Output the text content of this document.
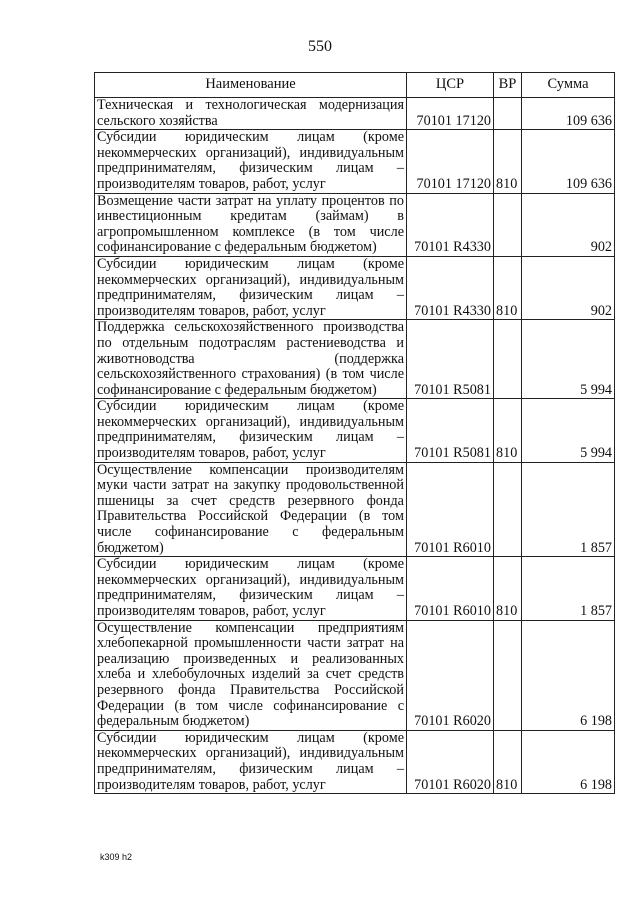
550
Наименование	ЦСР	ВР	Сумма
Техническая и технологическая модернизация сельского хозяйства	70101 17120		109 636
Субсидии юридическим лицам (кроме некоммерческих организаций), индивидуальным предпринимателям, физическим лицам – производителям товаров, работ, услуг	70101 17120	810	109 636
Возмещение части затрат на уплату процентов по инвестиционным кредитам (займам) в агропромышленном комплексе (в том числе софинансирование с федеральным бюджетом)	70101 R4330		902
Субсидии юридическим лицам (кроме некоммерческих организаций), индивидуальным предпринимателям, физическим лицам – производителям товаров, работ, услуг	70101 R4330	810	902
Поддержка сельскохозяйственного производства по отдельным подотраслям растениеводства и животноводства (поддержка сельскохозяйственного страхования) (в том числе софинансирование с федеральным бюджетом)	70101 R5081		5 994
Субсидии юридическим лицам (кроме некоммерческих организаций), индивидуальным предпринимателям, физическим лицам – производителям товаров, работ, услуг	70101 R5081	810	5 994
Осуществление компенсации производителям муки части затрат на закупку продовольственной пшеницы за счет средств резервного фонда Правительства Российской Федерации (в том числе софинансирование с федеральным бюджетом)	70101 R6010		1 857
Субсидии юридическим лицам (кроме некоммерческих организаций), индивидуальным предпринимателям, физическим лицам – производителям товаров, работ, услуг	70101 R6010	810	1 857
Осуществление компенсации предприятиям хлебопекарной промышленности части затрат на реализацию произведенных и реализованных хлеба и хлебобулочных изделий за счет средств резервного фонда Правительства Российской Федерации (в том числе софинансирование с федеральным бюджетом)	70101 R6020		6 198
Субсидии юридическим лицам (кроме некоммерческих организаций), индивидуальным предпринимателям, физическим лицам – производителям товаров, работ, услуг	70101 R6020	810	6 198
k309 h2
